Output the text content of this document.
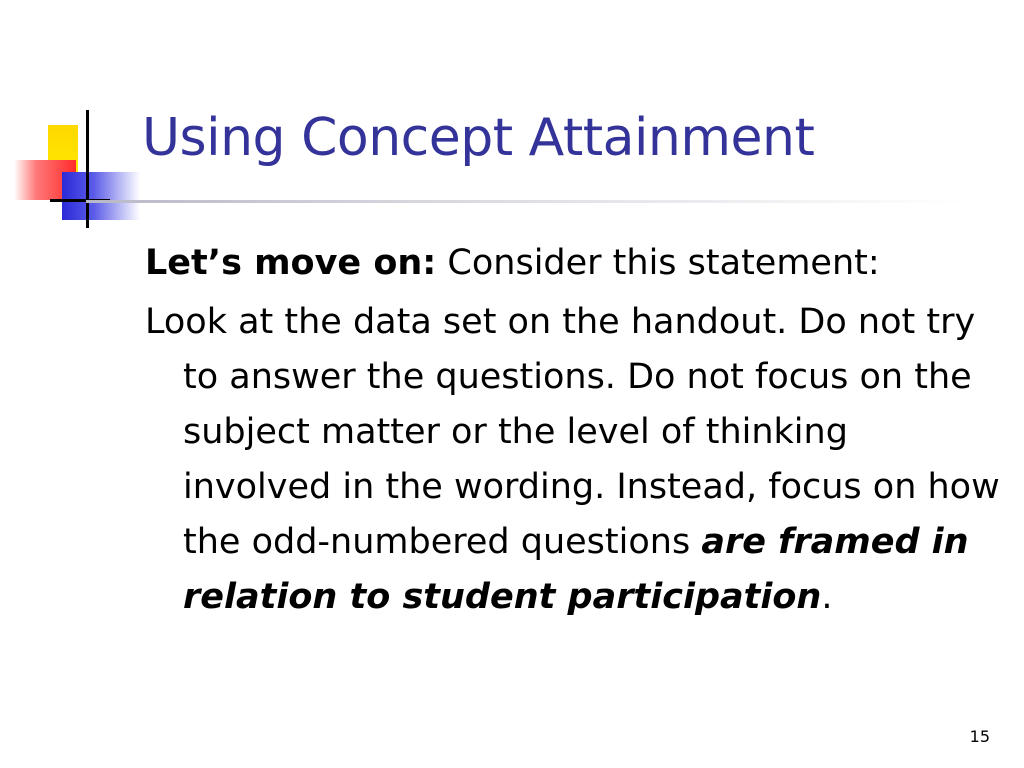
Using Concept Attainment

Let’s move on: Consider this statement:

Look at the data set on the handout. Do not try to answer the questions. Do not focus on the subject matter or the level of thinking involved in the wording. Instead, focus on how the odd-numbered questions are framed in relation to student participation.

15
